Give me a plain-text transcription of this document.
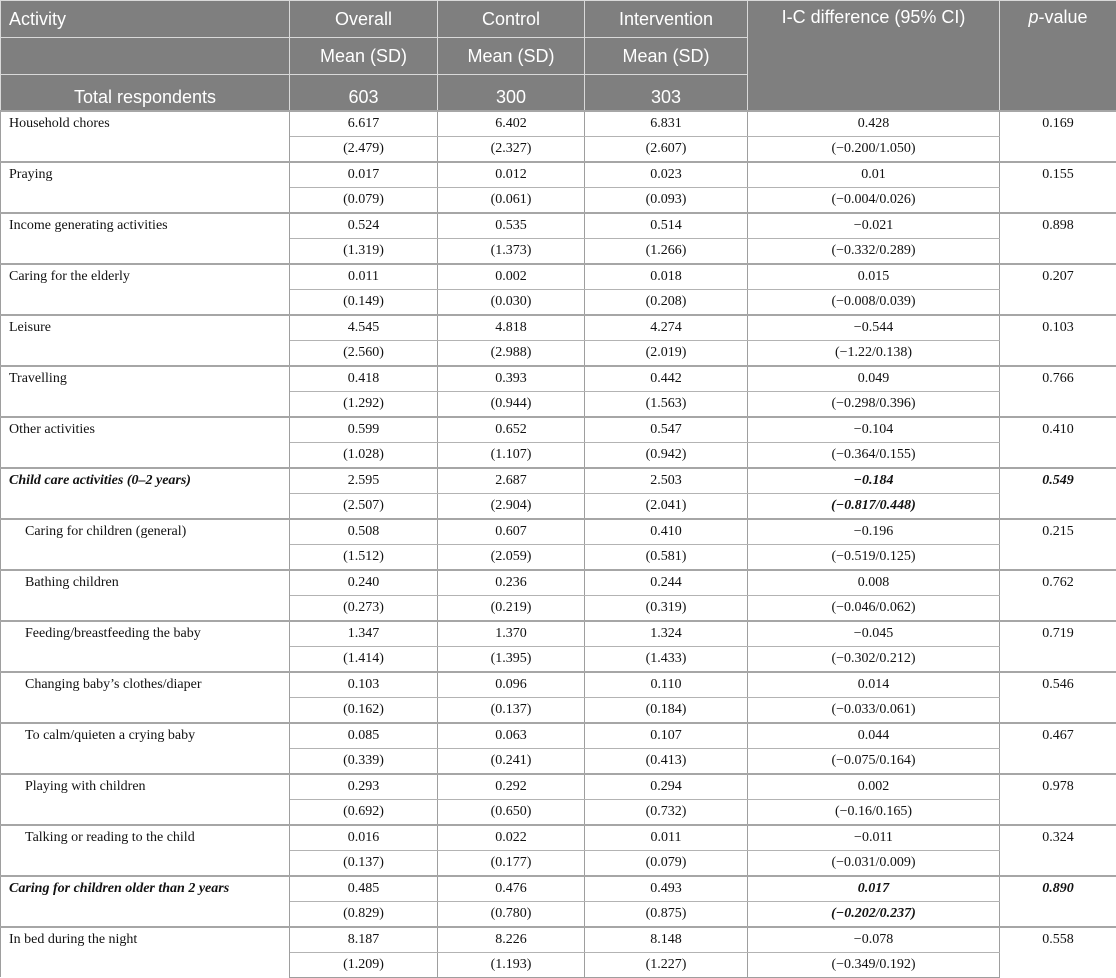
Activity	Overall	Control	Intervention	I-C difference (95% CI)	p-value
	Mean (SD)	Mean (SD)	Mean (SD)		
Total respondents	603	300	303		
Household chores	6.617	6.402	6.831	0.428	0.169
	(2.479)	(2.327)	(2.607)	(−0.200/1.050)	
Praying	0.017	0.012	0.023	0.01	0.155
	(0.079)	(0.061)	(0.093)	(−0.004/0.026)	
Income generating activities	0.524	0.535	0.514	−0.021	0.898
	(1.319)	(1.373)	(1.266)	(−0.332/0.289)	
Caring for the elderly	0.011	0.002	0.018	0.015	0.207
	(0.149)	(0.030)	(0.208)	(−0.008/0.039)	
Leisure	4.545	4.818	4.274	−0.544	0.103
	(2.560)	(2.988)	(2.019)	(−1.22/0.138)	
Travelling	0.418	0.393	0.442	0.049	0.766
	(1.292)	(0.944)	(1.563)	(−0.298/0.396)	
Other activities	0.599	0.652	0.547	−0.104	0.410
	(1.028)	(1.107)	(0.942)	(−0.364/0.155)	
Child care activities (0–2 years)	2.595	2.687	2.503	−0.184	0.549
	(2.507)	(2.904)	(2.041)	(−0.817/0.448)	
Caring for children (general)	0.508	0.607	0.410	−0.196	0.215
	(1.512)	(2.059)	(0.581)	(−0.519/0.125)	
Bathing children	0.240	0.236	0.244	0.008	0.762
	(0.273)	(0.219)	(0.319)	(−0.046/0.062)	
Feeding/breastfeeding the baby	1.347	1.370	1.324	−0.045	0.719
	(1.414)	(1.395)	(1.433)	(−0.302/0.212)	
Changing baby’s clothes/diaper	0.103	0.096	0.110	0.014	0.546
	(0.162)	(0.137)	(0.184)	(−0.033/0.061)	
To calm/quieten a crying baby	0.085	0.063	0.107	0.044	0.467
	(0.339)	(0.241)	(0.413)	(−0.075/0.164)	
Playing with children	0.293	0.292	0.294	0.002	0.978
	(0.692)	(0.650)	(0.732)	(−0.16/0.165)	
Talking or reading to the child	0.016	0.022	0.011	−0.011	0.324
	(0.137)	(0.177)	(0.079)	(−0.031/0.009)	
Caring for children older than 2 years	0.485	0.476	0.493	0.017	0.890
	(0.829)	(0.780)	(0.875)	(−0.202/0.237)	
In bed during the night	8.187	8.226	8.148	−0.078	0.558
	(1.209)	(1.193)	(1.227)	(−0.349/0.192)	
